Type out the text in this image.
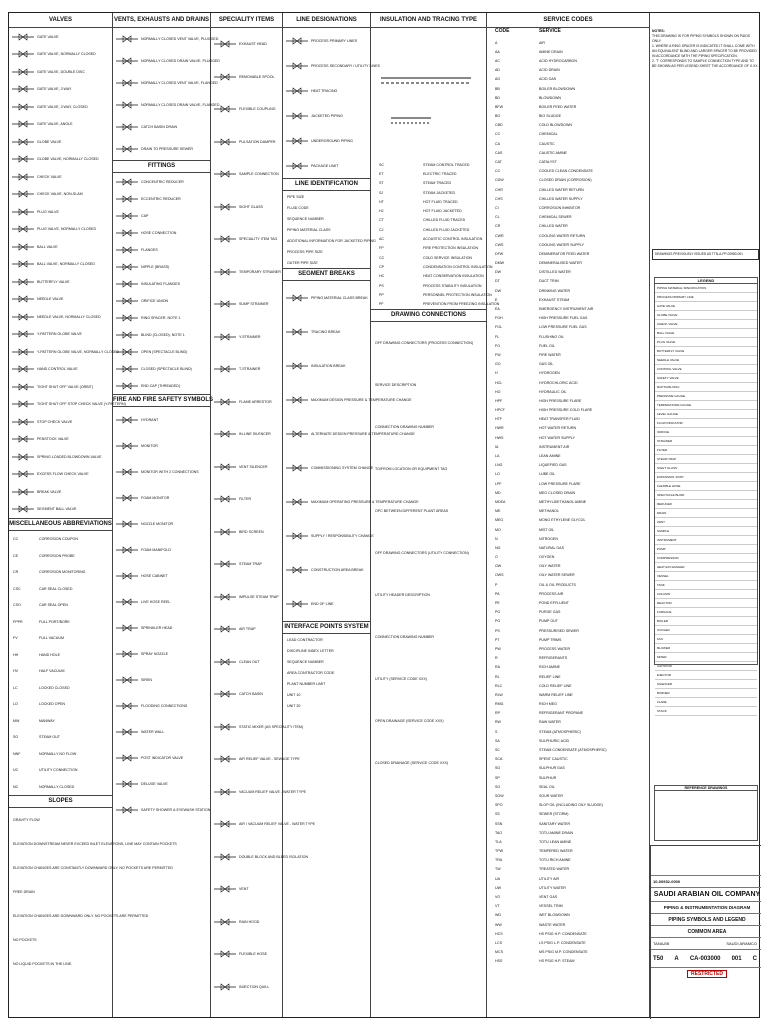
VALVES
GATE VALVE
GATE VALVE, NORMALLY CLOSED
GATE VALVE, DOUBLE DISC
GATE VALVE, 3 WAY
GATE VALVE, 3 WAY, CLOSED
GATE VALVE, ANGLE
GLOBE VALVE
GLOBE VALVE, NORMALLY CLOSED
CHECK VALVE
CHECK VALVE, NON-SLAM
PLUG VALVE
PLUG VALVE, NORMALLY CLOSED
BALL VALVE
BALL VALVE, NORMALLY CLOSED
BUTTERFLY VALVE
NEEDLE VALVE
NEEDLE VALVE, NORMALLY CLOSED
Y-PATTERN GLOBE VALVE
Y-PATTERN GLOBE VALVE, NORMALLY CLOSED
HAND CONTROL VALVE
TIGHT SHUT OFF VALVE (ORBIT)
TIGHT SHUT OFF STOP CHECK VALVE (Y-PATTERN)
STOP CHECK VALVE
PENSTOCK VALVE
SPRING LOADED BLOWDOWN VALVE
EXCESS FLOW CHECK VALVE
BREAK VALVE
SEGMENT BALL VALVE
MISCELLANEOUS ABBREVIATIONS
CC	CORROSION COUPON
CE	CORROSION PROBE
CR	CORROSION MONITORING
CSC	CAR SEAL CLOSED
CSO	CAR SEAL OPEN
FPPR	FULL PORT/BORE
FV	FULL VACUUM
HH	HAND HOLE
HV	HALF VACUUM
LC	LOCKED CLOSED
LO	LOCKED OPEN
MW	MANWAY
SO	STEAM OUT
NNF	NORMALLY NO FLOW
UC	UTILITY CONNECTION
NC	NORMALLY CLOSED
SLOPES
GRAVITY FLOW
ELEVATION DOWNSTREAM NEVER EXCEED INLET ELEVATIONS, LINE MAY CONTAIN POCKETS
ELEVATION CHANGES ARE CONSTANTLY DOWNWARD ONLY. NO POCKETS ARE PERMITTED
FREE DRAIN
ELEVATION CHANGES ARE DOWNWARD ONLY. NO POCKETS ARE PERMITTED
NO POCKETS
NO LIQUID POCKETS IN THE LINE.
VENTS, EXHAUSTS AND DRAINS
NORMALLY CLOSED VENT VALVE, PLUGGED
NORMALLY CLOSED DRAIN VALVE, PLUGGED
NORMALLY CLOSED VENT VALVE, FLANGED
NORMALLY CLOSED DRAIN VALVE, FLANGED
CATCH BASIN DRAIN
DRAIN TO PRESSURE SEWER
FITTINGS
CONCENTRIC REDUCER
ECCENTRIC REDUCER
CAP
HOSE CONNECTION
FLANGES
NIPPLE (BRASS)
INSULATING FLANGES
ORIFICE UNION
RING SPACER. NOTE 1
BLIND (CLOSED). NOTE 1
OPEN (SPECTACLE BLIND)
CLOSED (SPECTACLE BLIND)
END CAP (THREADED)
FIRE AND FIRE SAFETY SYMBOLS
HYDRANT
MONITOR
MONITOR WITH 2 CONNECTIONS
FOAM MONITOR
NOZZLE MONITOR
FOAM MANIFOLD
HOSE CABINET
LIVE HOSE REEL
SPRINKLER HEAD
SPRAY NOZZLE
SIREN
FLOODING CONNECTIONS
WATER WALL
POST INDICATOR VALVE
DELUGE VALVE
SAFETY SHOWER & EYEWASH STATION
SPECIALITY ITEMS
EXHAUST HEAD
REMOVABLE SPOOL
FLEXIBLE COUPLING
PULSATION DAMPER
SAMPLE CONNECTION
SIGHT GLASS
SPECIALITY ITEM TAG
TEMPORARY STRAINER
SUMP STRAINER
Y-STRAINER
T-STRAINER
FLAME ARRESTOR
IN-LINE SILENCER
VENT SILENCER
FILTER
BIRD SCREEN
STEAM TRAP
IMPULSE STEAM TRAP
AIR TRAP
CLEAN OUT
CATCH BASIN
STATIC MIXER (AS SPECIALITY ITEM)
AIR RELIEF VALVE - SEWAGE TYPE
VACUUM RELIEF VALVE - WATER TYPE
AIR / VACUUM RELIEF VALVE - WATER TYPE
DOUBLE BLOCK AND BLEED ISOLATION
VENT
RAIN HOOD
FLEXIBLE HOSE
INJECTION QUILL
LINE DESIGNATIONS
PROCESS PRIMARY LINES
PROCESS SECONDARY / UTILITY LINES
HEAT TRACING
JACKETED PIPING
UNDERGROUND PIPING
PACKAGE LIMIT
LINE IDENTIFICATION
PIPE SIZE
FLUID CODE
SEQUENCE NUMBER
PIPING MATERIAL CLASS
ADDITIONAL INFORMATION FOR JACKETED PIPING
PROCESS PIPE SIZE
OUTER PIPE SIZE
SEGMENT BREAKS
PIPING MATERIAL CLASS BREAK
TRACING BREAK
INSULATION BREAK
MAXIMUM DESIGN PRESSURE & TEMPERATURE CHANGE
ALTERNATE DESIGN PRESSURE & TEMPERATURE CHANGE
COMMISSIONING SYSTEM CHANGE
MAXIMUM OPERATING PRESSURE & TEMPERATURE CHANGE
SUPPLY / RESPONSIBILITY CHANGE
CONSTRUCTION AREA BREAK
END OF LINE
INTERFACE POINTS SYSTEM
LEAD CONTRACTOR
DISCIPLINE INDEX LETTER
SEQUENCE NUMBER
AREA CONTRACTOR CODE
PLANT NUMBER LIMIT
UNIT 10
UNIT 30
INSULATION AND TRACING TYPE
SC	STEAM CONTROL TRACED
ET	ELECTRIC TRACED
ST	STEAM TRACED
SJ	STEAM JACKETED
HT	HOT FLUID TRACED
HJ	HOT FLUID JACKETED
CT	CHILLED FLUID TRACED
CJ	CHILLED FLUID JACKETED
AC	ACOUSTIC CONTROL INSULATION
FP	FIRE PROTECTION INSULATION
CC	COLD SERVICE INSULATION
CP	CONDENSATION CONTROL INSULATION
HC	HEAT CONSERVATION INSULATION
PS	PROCESS STABILITY INSULATION
PP	PERSONNEL PROTECTION INSULATION
PF	PREVENTION FROM FREEZING INSULATION
DRAWING CONNECTIONS
OFF DRAWING CONNECTORS (PROCESS CONNECTION)
SERVICE DESCRIPTION
CONNECTION DRAWING NUMBER
TO/FROM LOCATION OR EQUIPMENT TAG
OPC BETWEEN DIFFERENT PLANT AREAS
OFF DRAWING CONNECTORS (UTILITY CONNECTION)
UTILITY HEADER DESCRIPTION
CONNECTION DRAWING NUMBER
UTILITY (SERVICE CODE XXX)
OPEN DRAINAGE (SERVICE CODE XXX)
CLOSED DRAINAGE (SERVICE CODE XXX)
SERVICE CODES
CODE	SERVICE
A	AIR
AA	AMINE DRAIN
AC	ACID HYDROCARBON
AD	ACID DRAIN
AG	ACID GAS
BB	BOILER BLOWDOWN
BD	BLOWDOWN
BFW	BOILER FEED WATER
BG	BIO SLUDGE
CBD	COLD BLOWDOWN
CC	CHEMICAL
CA	CAUSTIC
CAS	CAUSTIC AMINE
CAT	CATALYST
CC	COOLED CLEAN CONDENSATE
CDW	CLOSED DRAIN (CORROSION)
CHR	CHILLED WATER RETURN
CHS	CHILLED WATER SUPPLY
CI	CORROSION INHIBITOR
CL	CHEMICAL SEWER
CR	CHILLED WATER
CWR	COOLING WATER RETURN
CWS	COOLING WATER SUPPLY
DFW	DEMINERATOR FEED WATER
DMW	DEMINERALISED WATER
DW	DISTILLED WATER
DT	DUCT TRIM
DW	DRINKING WATER
E	EXHAUST STEAM
EA	EMERGENCY INSTRUMENT AIR
FGH	HIGH PRESSURE FUEL GAS
FGL	LOW PRESSURE FUEL GAS
FL	FLUSHING OIL
FO	FUEL OIL
FW	FIRE WATER
GO	GAS OIL
H	HYDROGEN
HCL	HYDROCHLORIC ACID
HO	HYDRAULIC OIL
HPF	HIGH PRESSURE FLARE
HPCF	HIGH PRESSURE COLD FLARE
HTF	HEAT TRANSFER FLUID
HWR	HOT WATER RETURN
HWS	HOT WATER SUPPLY
IA	INSTRUMENT AIR
LA	LEAN AMINE
LNG	LIQUEFIED GAS
LO	LUBE OIL
LPF	LOW PRESSURE FLARE
MD	MEG CLOSED DRAIN
MDEA	METHYLDIETHANOL AMINE
ME	METHANOL
MEG	MONO ETHYLENE GLYCOL
MO	MIST OIL
N	NITROGEN
NG	NATURAL GAS
O	OXYGEN
OW	OILY WATER
OWS	OILY WATER SEWER
P	OIL & OIL PRODUCTS
PA	PROCESS AIR
PE	POND EFFLUENT
PG	PURGE GAS
PO	PUMP OUT
PS	PRESSURISED SEWER
PT	PUMP TRIMS
PW	PROCESS WATER
R	REFRIGERANTS
RA	RICH AMINE
RL	RELIEF LINE
RLC	COLD RELIEF LINE
RLW	WARM RELIEF LINE
RMG	RICH MEG
RP	REFRIGERANT PROPANE
RW	RAW WATER
S	STEAM (ATMOSPHERIC)
SA	SULPHURIC ACID
SC	STEAM CONDENSATE (ATMOSPHERIC)
SCA	SPENT CAUSTIC
SG	SULPHUR GAS
SP	SULPHUR
SO	SEAL OIL
SOW	SOUR WATER
SPO	SLOP OIL (INCLUDING OILY SLUDGE)
SS	SEWER (STORM)
SSN	SANITARY WATER
TAO	TOTU AMINE DRAIN
TLA	TOTU LEAN AMINE
TPW	TEMPERED WATER
TRA	TOTU RICH AMINE
TW	TREATED WATER
UA	UTILITY AIR
UW	UTILITY WATER
VG	VENT GAS
VT	VESSEL TRIM
WD	WET BLOWDOWN
WW	WASTE WATER
HCS	HS PSIG H.P. CONDENSATE
LCS	LS PSIG L.P. CONDENSATE
MCS	MS PSIG M.P. CONDENSATE
HSS	HS PSIG H.P. STEAM
NOTES:
THIS DRAWING IS FOR PIPING SYMBOLS SHOWN ON P&IDS ONLY.
1. WHERE A RING SPACER IS INDICATED IT SHALL COME WITH AN EQUIVALENT BLIND AND LARGER SPACER TO BE PROVIDED IN ACCORDANCE WITH THE PIPING SPECIFICATION.
2. 'T' CORRESPONDS TO SAMPLE CONNECTION TYPE AND TO BE SHOWN AS PER LEGEND SHEET THE ACCORDANCE OF X.XX.
DRAWINGS PREVIOUSLY ISSUED AS TTN-A-PP-00980-001
LEGEND
PIPING MATERIAL SPECIFICATION
PROCESS PRIMARY LINE
GATE VALVE
GLOBE VALVE
CHECK VALVE
BALL VALVE
PLUG VALVE
BUTTERFLY VALVE
NEEDLE VALVE
CONTROL VALVE
SAFETY VALVE
RUPTURE DISC
PRESSURE GAUGE
TEMPERATURE GAUGE
LEVEL GAUGE
FLOW INDICATOR
ORIFICE
STRAINER
FILTER
STEAM TRAP
SIGHT GLASS
EXPANSION JOINT
FLEXIBLE HOSE
SPECTACLE BLIND
REDUCER
DRAIN
VENT
SAMPLE
INSTRUMENT
PUMP
COMPRESSOR
HEAT EXCHANGER
VESSEL
TANK
COLUMN
REACTOR
FURNACE
BOILER
COOLER
FAN
BLOWER
MIXER
AGITATOR
EJECTOR
SILENCER
BURNER
FLARE
STACK
REFERENCE DRAWINGS
10-00932-0000
SAUDI ARABIAN OIL COMPANY
PIPING & INSTRUMENTATION DIAGRAM
PIPING SYMBOLS AND LEGEND
COMMON AREA
TANAJIB	SAUDI ARAMCO
T50 A CA-003000 001 C
RESTRICTED
